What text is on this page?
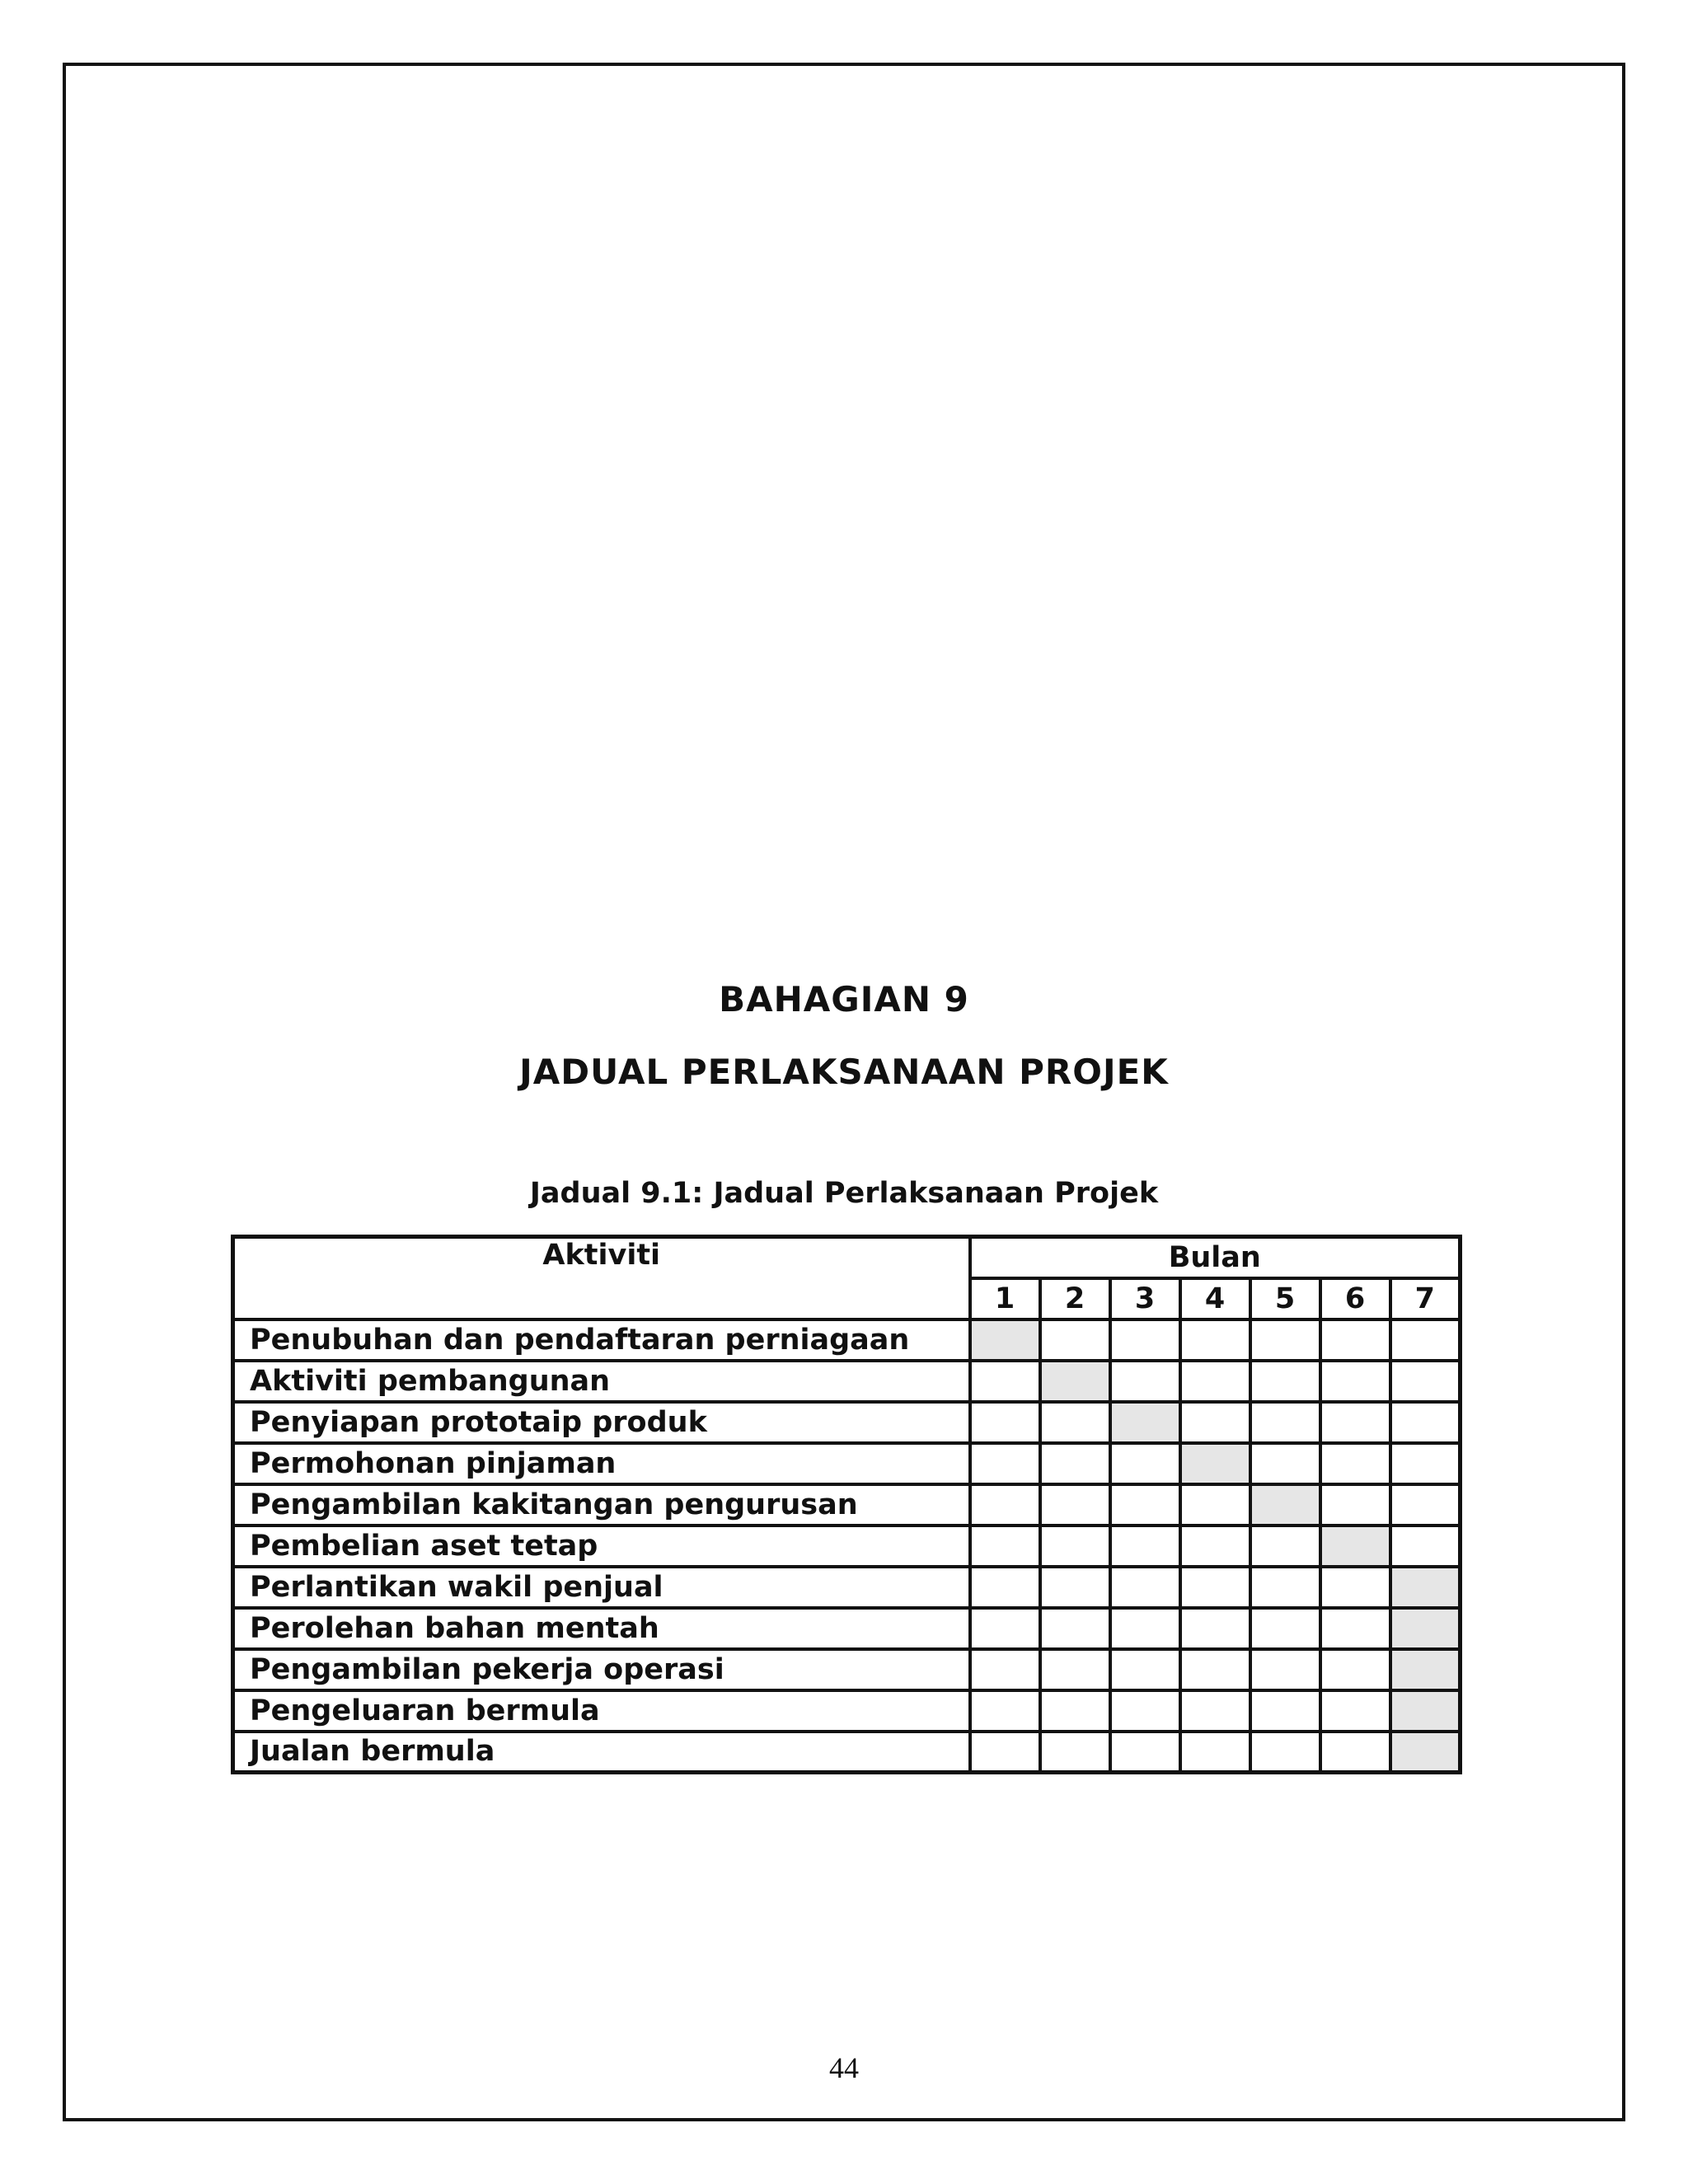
BAHAGIAN 9
JADUAL PERLAKSANAAN PROJEK
Jadual 9.1: Jadual Perlaksanaan Projek
Aktiviti	Bulan						
	1	2	3	4	5	6	7
Penubuhan dan pendaftaran perniagaan							
Aktiviti pembangunan							
Penyiapan prototaip produk							
Permohonan pinjaman							
Pengambilan kakitangan pengurusan							
Pembelian aset tetap							
Perlantikan wakil penjual							
Perolehan bahan mentah							
Pengambilan pekerja operasi							
Pengeluaran bermula							
Jualan bermula							
44
